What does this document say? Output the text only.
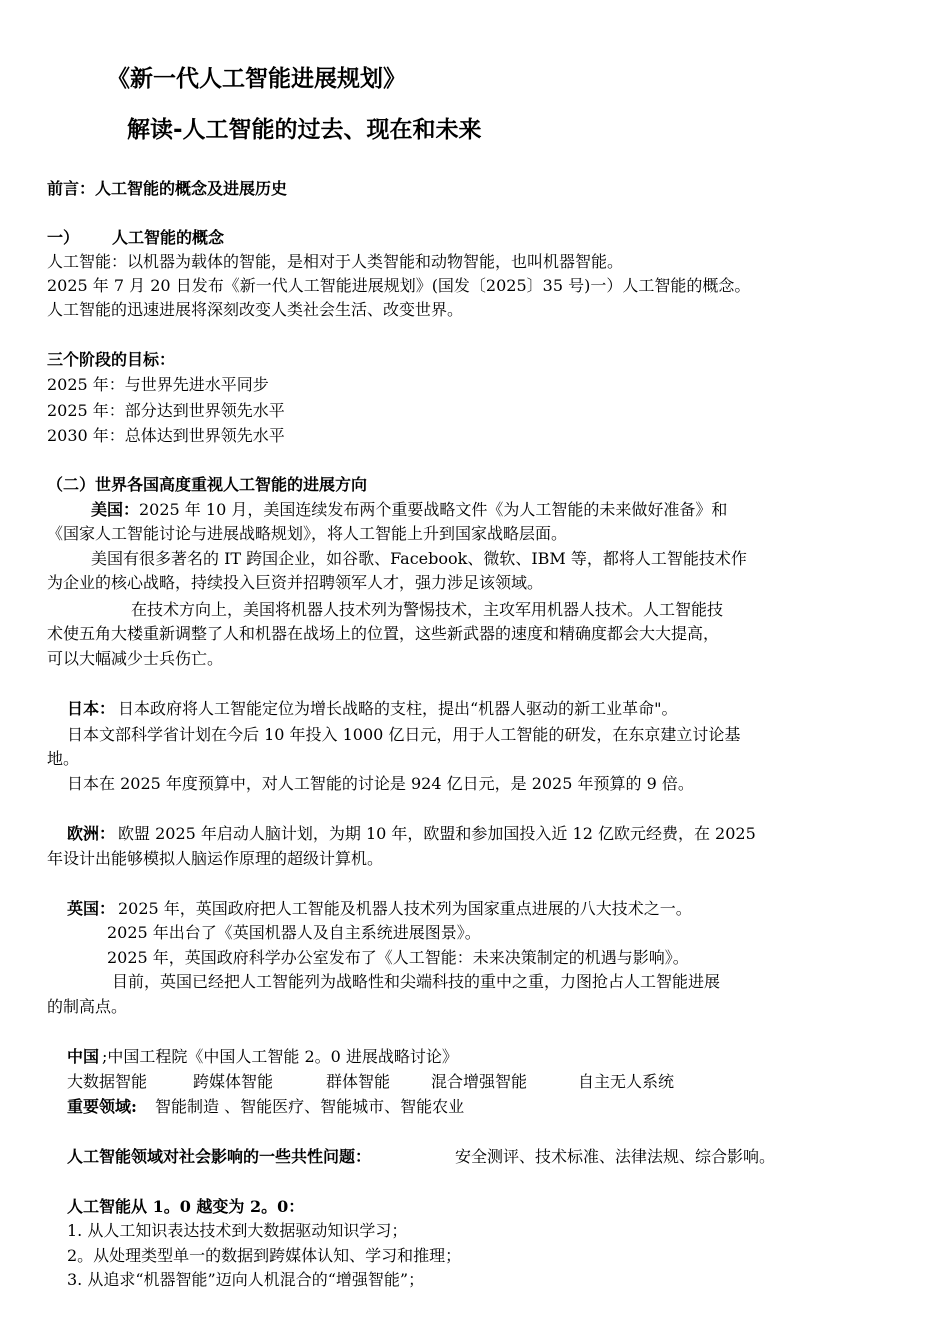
《新一代人工智能进展规划》
解读-人工智能的过去、现在和未来
前言：人工智能的概念及进展历史
一） 人工智能的概念
人工智能：以机器为载体的智能，是相对于人类智能和动物智能，也叫机器智能。
2025 年 7 月 20 日发布《新一代人工智能进展规划》(国发〔2025〕35 号)一）人工智能的概念。
人工智能的迅速进展将深刻改变人类社会生活、改变世界。
三个阶段的目标：
2025 年：与世界先进水平同步
2025 年：部分达到世界领先水平
2030 年：总体达到世界领先水平
（二）世界各国高度重视人工智能的进展方向
美国： 2025 年 10 月，美国连续发布两个重要战略文件《为人工智能的未来做好准备》和
《国家人工智能讨论与进展战略规划》，将人工智能上升到国家战略层面。
美国有很多著名的 IT 跨国企业，如谷歌、Facebook、微软、IBM 等，都将人工智能技术作
为企业的核心战略，持续投入巨资并招聘领军人才，强力涉足该领域。
在技术方向上，美国将机器人技术列为警惕技术，主攻军用机器人技术。人工智能技
术使五角大楼重新调整了人和机器在战场上的位置，这些新武器的速度和精确度都会大大提高，
可以大幅减少士兵伤亡。
日本： 日本政府将人工智能定位为增长战略的支柱，提出“机器人驱动的新工业革命"。
日本文部科学省计划在今后 10 年投入 1000 亿日元，用于人工智能的研发，在东京建立讨论基
地。
日本在 2025 年度预算中，对人工智能的讨论是 924 亿日元，是 2025 年预算的 9 倍。
欧洲： 欧盟 2025 年启动人脑计划，为期 10 年，欧盟和参加国投入近 12 亿欧元经费，在 2025
年设计出能够模拟人脑运作原理的超级计算机。
英国： 2025 年，英国政府把人工智能及机器人技术列为国家重点进展的八大技术之一。
2025 年出台了《英国机器人及自主系统进展图景》。
2025 年，英国政府科学办公室发布了《人工智能：未来决策制定的机遇与影响》。
目前，英国已经把人工智能列为战略性和尖端科技的重中之重，力图抢占人工智能进展
的制高点。
中国 ;中国工程院《中国人工智能 2。0 进展战略讨论》
大数据智能	跨媒体智能	群体智能	混合增强智能	自主无人系统
重要领域: 智能制造 、智能医疗、智能城市、智能农业
人工智能领域对社会影响的一些共性问题：	安全测评、技术标准、法律法规、综合影响。
人工智能从 1。0 越变为 2。0：
1. 从人工知识表达技术到大数据驱动知识学习；
2。从处理类型单一的数据到跨媒体认知、学习和推理；
3. 从追求“机器智能”迈向人机混合的“增强智能”；
